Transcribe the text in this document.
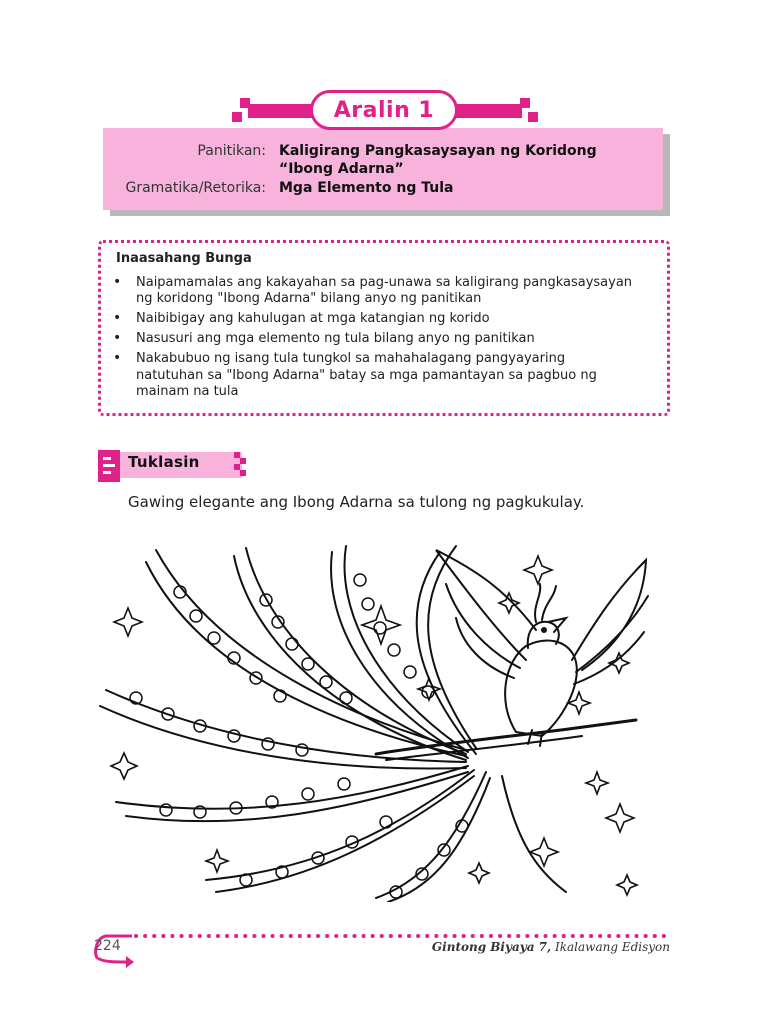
Aralin 1
Panitikan: Kaligirang Pangkasaysayan ng Koridong
“Ibong Adarna”
Gramatika/Retorika: Mga Elemento ng Tula
Inaasahang Bunga
• Naipamamalas ang kakayahan sa pag-unawa sa kaligirang pangkasaysayan
ng koridong "Ibong Adarna" bilang anyo ng panitikan
• Naibibigay ang kahulugan at mga katangian ng korido
• Nasusuri ang mga elemento ng tula bilang anyo ng panitikan
• Nakabubuo ng isang tula tungkol sa mahahalagang pangyayaring
natutuhan sa "Ibong Adarna" batay sa mga pamantayan sa pagbuo ng
mainam na tula
Tuklasin
Gawing elegante ang Ibong Adarna sa tulong ng pagkukulay.
224	Gintong Biyaya 7, Ikalawang Edisyon
